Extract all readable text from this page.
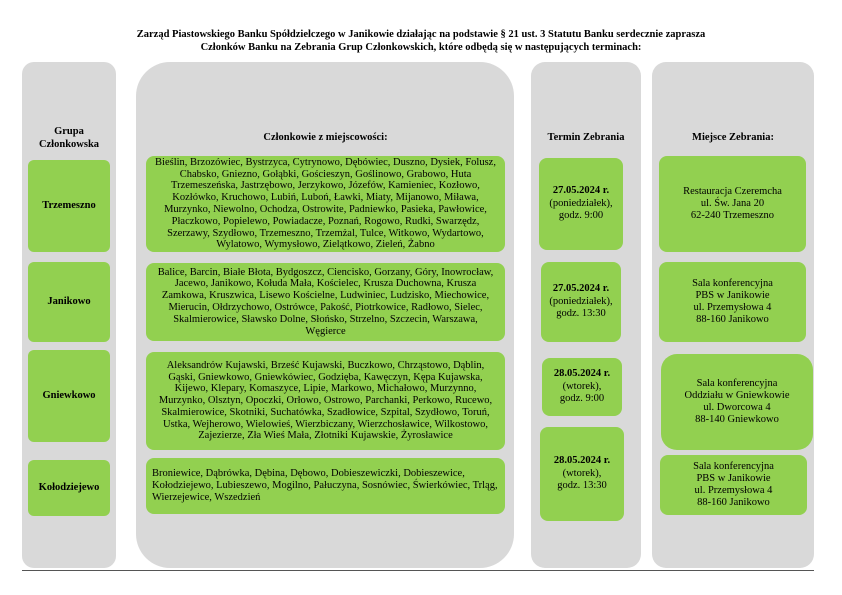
Zarząd Piastowskiego Banku Spółdzielczego w Janikowie działając na podstawie § 21 ust. 3 Statutu Banku serdecznie zaprasza
Członków Banku na Zebrania Grup Członkowskich, które odbędą się w następujących terminach:
Grupa Członkowska
Członkowie z miejscowości:	Termin Zebrania	Miejsce Zebrania:
Trzemeszno
Bieślin, Brzozówiec, Bystrzyca, Cytrynowo, Dębówiec, Duszno, Dysiek, Folusz, Chabsko, Gniezno, Gołąbki, Gościeszyn, Goślinowo, Grabowo, Huta Trzemeszeńska, Jastrzębowo, Jerzykowo, Józefów, Kamieniec, Kozłowo, Kozłówko, Kruchowo, Lubiń, Luboń, Ławki, Miaty, Mijanowo, Miława, Murzynko, Niewolno, Ochodza, Ostrowite, Padniewko, Pasieka, Pawłowice, Płaczkowo, Popielewo, Powiadacze, Poznań, Rogowo, Rudki, Swarzędz, Szerzawy, Szydłowo, Trzemeszno, Trzemżal, Tulce, Witkowo, Wydartowo, Wylatowo, Wymysłowo, Zielątkowo, Zieleń, Żabno
27.05.2024 r.
(poniedziałek),
godz. 9:00
Restauracja Czeremcha
ul. Św. Jana 20
62-240 Trzemeszno
Janikowo
Balice, Barcin, Białe Błota, Bydgoszcz, Ciencisko, Gorzany, Góry, Inowrocław, Jacewo, Janikowo, Kołuda Mała, Kościelec, Krusza Duchowna, Krusza Zamkowa, Kruszwica, Lisewo Kościelne, Ludwiniec, Ludzisko, Miechowice, Mierucin, Ołdrzychowo, Ostrówce, Pakość, Piotrkowice, Radłowo, Sielec, Skalmierowice, Sławsko Dolne, Słońsko, Strzelno, Szczecin, Warszawa, Węgierce
27.05.2024 r.
(poniedziałek),
godz. 13:30
Sala konferencyjna
PBS w Janikowie
ul. Przemysłowa 4
88-160 Janikowo
Gniewkowo
Aleksandrów Kujawski, Brześć Kujawski, Buczkowo, Chrząstowo, Dąblin, Gąski, Gniewkowo, Gniewkówiec, Godzięba, Kawęczyn, Kępa Kujawska, Kijewo, Klepary, Komaszyce, Lipie, Markowo, Michałowo, Murzynno, Murzynko, Olsztyn, Opoczki, Orłowo, Ostrowo, Parchanki, Perkowo, Rucewo, Skalmierowice, Skotniki, Suchatówka, Szadłowice, Szpital, Szydłowo, Toruń, Ustka, Wejherowo, Wielowieś, Wierzbiczany, Wierzchosławice, Wilkostowo, Zajezierze, Zła Wieś Mała, Złotniki Kujawskie, Żyrosławice
28.05.2024 r.
(wtorek),
godz. 9:00
Sala konferencyjna
Oddziału w Gniewkowie
ul. Dworcowa 4
88-140 Gniewkowo
Kołodziejewo
Broniewice, Dąbrówka, Dębina, Dębowo, Dobieszewiczki, Dobieszewice, Kołodziejewo, Lubieszewo, Mogilno, Pałuczyna, Sosnówiec, Świerkówiec, Trląg, Wierzejewice, Wszedzień
28.05.2024 r.
(wtorek),
godz. 13:30
Sala konferencyjna
PBS w Janikowie
ul. Przemysłowa 4
88-160 Janikowo
